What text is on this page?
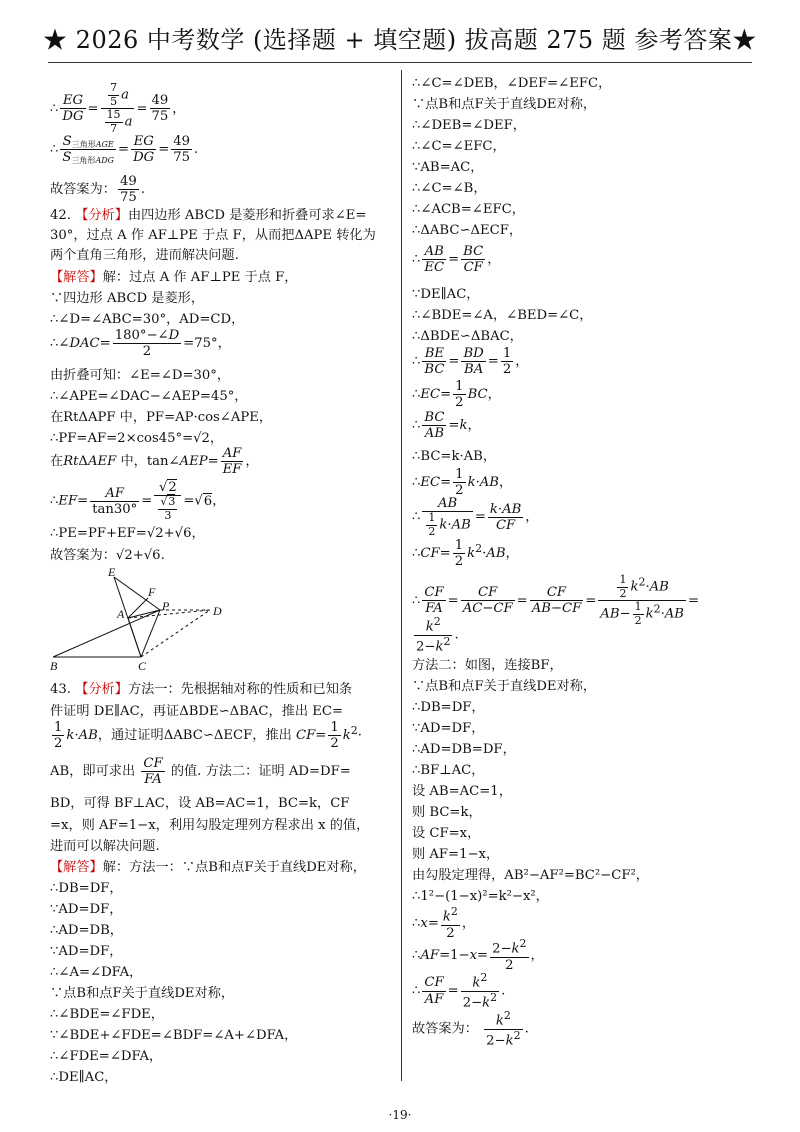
★ 2026 中考数学 (选择题 + 填空题) 拔高题 275 题 参考答案★
∴ $\frac{EG}{DG} = \frac{\frac{7}{5} a}{\frac{15}{7} a} = \frac{49}{75}$ ，
∴
$S_{三角形AGE}$
$S_{三角形ADG}$
= $\frac{EG}{DG} = \frac{49}{75}$ .
故答案为： $\frac{49}{75}$ .
42. 【分析】由四边形 ABCD 是菱形和折叠可求∠E=
30°，过点 A 作 AF⊥PE 于点 F，从而把ΔAPE 转化为
两个直角三角形，进而解决问题.
【解答】解：过点 A 作 AF⊥PE 于点 F，
∵四边形 ABCD 是菱形，
∴∠D=∠ABC=30°，AD=CD，
∴∠DAC= $\frac{180^\circ-\angle D}{2} =75^\circ$，
由折叠可知：∠E=∠D=30°，
∴∠APE=∠DAC−∠AEP=45°，
在RtΔAPF 中，PF=AP·cos∠APE，
∴PF=AF=2×cos45°=√2，
在RtΔAEF 中，tan∠AEP= $\frac{AF}{EF}$ ，
∴EF= $\frac{AF}{\tan 30^\circ} = \frac{√2}{\frac{√3}{3}} =√6$，
∴PE=PF+EF=√2+√6，
故答案为：√2+√6.
E
F
A
P	D
B	C
43. 【分析】方法一：先根据轴对称的性质和已知条
件证明 DE∥AC，再证ΔBDE∽ΔBAC，推出 EC=
$\frac{1}{2} k\cdot AB$，通过证明ΔABC∽ΔECF，推出 $CF= \frac{1}{2} k^2\cdot$
AB，即可求出 $\frac{CF}{FA}$ 的值. 方法二：证明 AD=DF=
BD，可得 BF⊥AC，设 AB=AC=1，BC=k，CF
=x，则 AF=1−x，利用勾股定理列方程求出 x 的值，
进而可以解决问题.
【解答】解：方法一：∵点B和点F关于直线DE对称，
∴DB=DF，
∵AD=DF，
∴AD=DB，
∵AD=DF，
∴∠A=∠DFA，
∵点B和点F关于直线DE对称，
∴∠BDE=∠FDE，
∵∠BDE+∠FDE=∠BDF=∠A+∠DFA，
∴∠FDE=∠DFA，
∴DE∥AC，
∴∠C=∠DEB，∠DEF=∠EFC，
∵点B和点F关于直线DE对称，
∴∠DEB=∠DEF，
∴∠C=∠EFC，
∵AB=AC，
∴∠C=∠B，
∴∠ACB=∠EFC，
∴ΔABC∽ΔECF，
∴ $\frac{AB}{EC} = \frac{BC}{CF}$ ，
∵DE∥AC，
∴∠BDE=∠A，∠BED=∠C，
∴ΔBDE∽ΔBAC，
∴ $\frac{BE}{BC} = \frac{BD}{BA} = \frac{1}{2}$ ，
∴EC= $\frac{1}{2}$ BC，
∴ $\frac{BC}{AB} =k$，
∴BC=k·AB，
∴EC= $\frac{1}{2} k\cdot AB$，
∴ $\frac{AB}{\frac{1}{2} k\cdot AB} = \frac{k\cdot AB}{CF}$ ，
∴CF= $\frac{1}{2} k^2\cdot AB$，
∴ $\frac{CF}{FA} = \frac{CF}{AC-CF} = \frac{CF}{AB-CF} = \frac{\frac{1}{2} k^2\cdot AB}{AB- \frac{1}{2} k^2\cdot AB}$ =
$\frac{k^2}{2-k^2}$ .
方法二：如图，连接BF，
∵点B和点F关于直线DE对称，
∴DB=DF，
∵AD=DF，
∴AD=DB=DF，
∴BF⊥AC，
设 AB=AC=1，
则 BC=k，
设 CF=x，
则 AF=1−x，
由勾股定理得，AB²−AF²=BC²−CF²，
∴1²−(1−x)²=k²−x²，
∴x= $\frac{k^2}{2}$ ，
∴AF=1−x= $\frac{2-k^2}{2}$ ，
∴ $\frac{CF}{AF} = \frac{k^2}{2-k^2}$ .
故答案为： $\frac{k^2}{2-k^2}$ .
·19·
